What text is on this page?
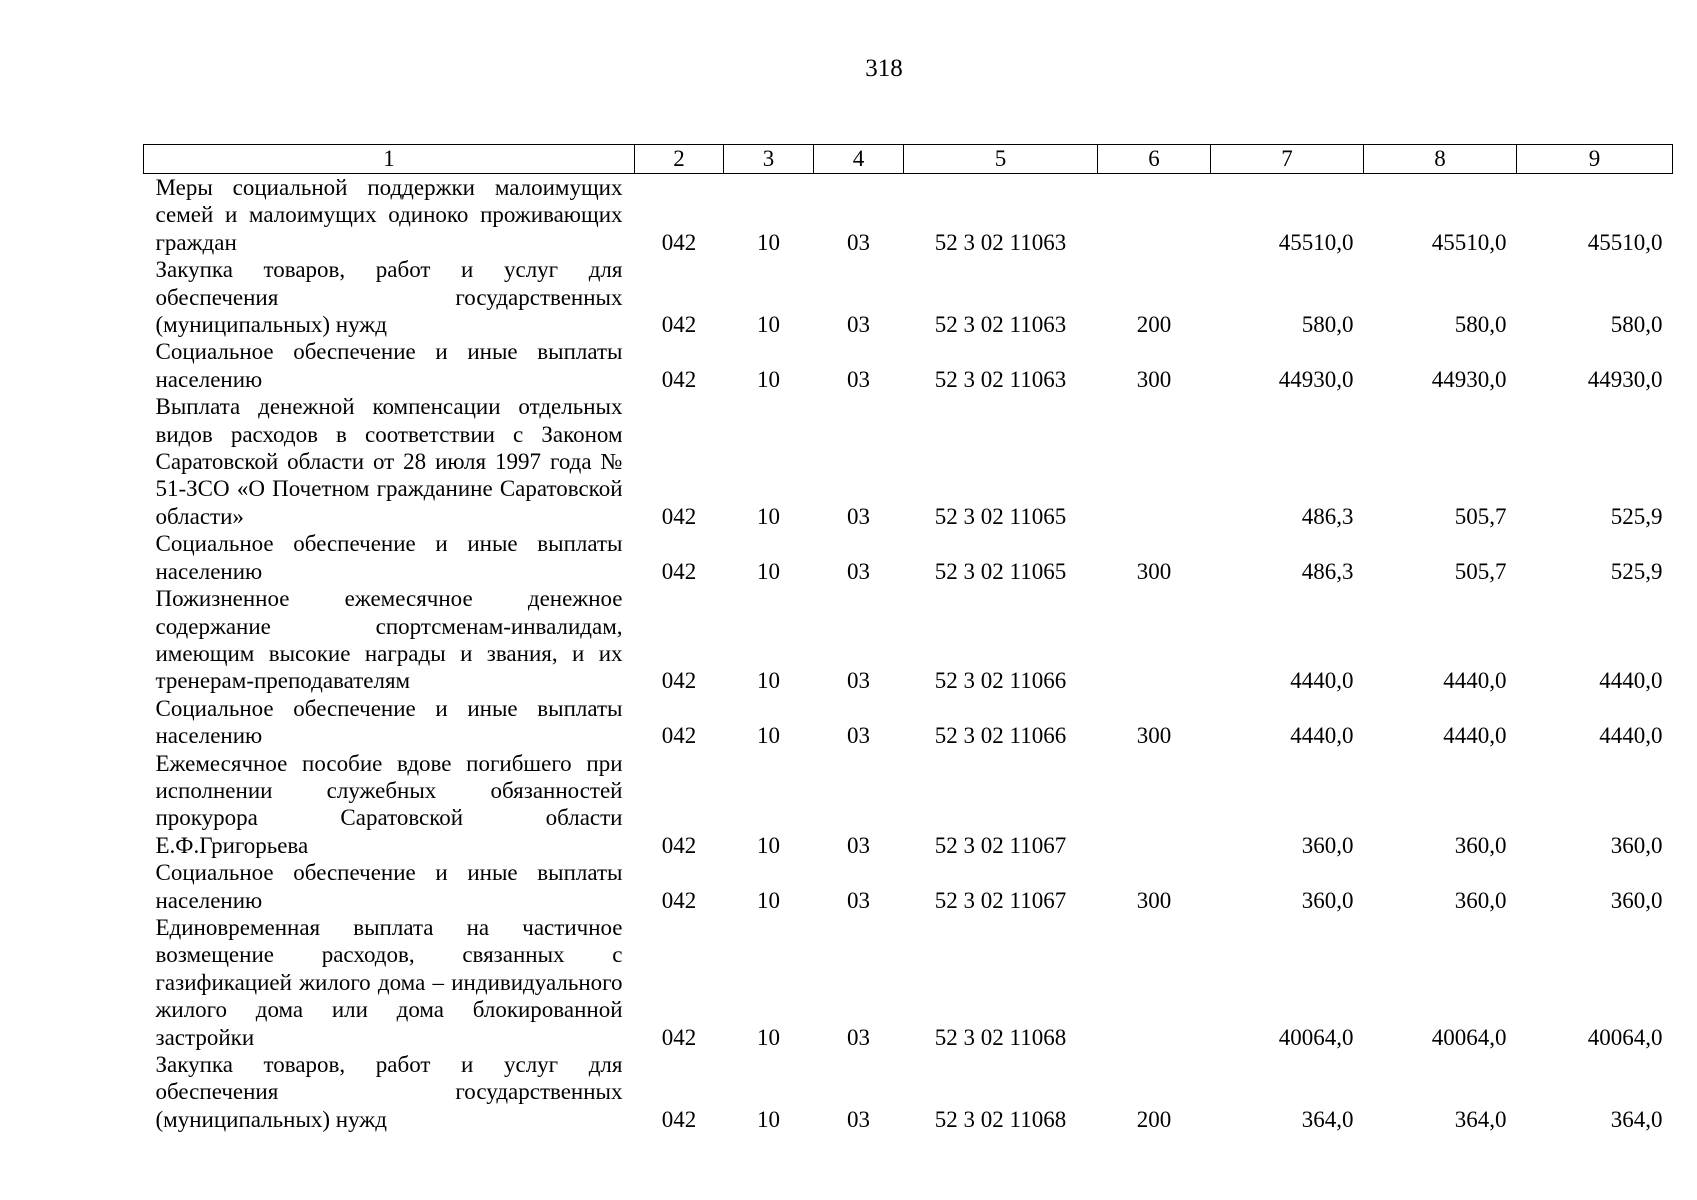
318
1	2	3	4	5	6	7	8	9
Меры социальной поддержки малоимущих семей и малоимущих одиноко проживающих граждан	042	10	03	52 3 02 11063		45510,0	45510,0	45510,0
Закупка товаров, работ и услуг для обеспечения государственных (муниципальных) нужд	042	10	03	52 3 02 11063	200	580,0	580,0	580,0
Социальное обеспечение и иные выплаты населению	042	10	03	52 3 02 11063	300	44930,0	44930,0	44930,0
Выплата денежной компенсации отдельных видов расходов в соответствии с Законом Саратовской области от 28 июля 1997 года № 51-ЗСО «О Почетном гражданине Саратовской области»	042	10	03	52 3 02 11065		486,3	505,7	525,9
Социальное обеспечение и иные выплаты населению	042	10	03	52 3 02 11065	300	486,3	505,7	525,9
Пожизненное ежемесячное денежное содержание спортсменам-инвалидам, имеющим высокие награды и звания, и их тренерам-преподавателям	042	10	03	52 3 02 11066		4440,0	4440,0	4440,0
Социальное обеспечение и иные выплаты населению	042	10	03	52 3 02 11066	300	4440,0	4440,0	4440,0
Ежемесячное пособие вдове погибшего при исполнении служебных обязанностей прокурора Саратовской области Е.Ф.Григорьева	042	10	03	52 3 02 11067		360,0	360,0	360,0
Социальное обеспечение и иные выплаты населению	042	10	03	52 3 02 11067	300	360,0	360,0	360,0
Единовременная выплата на частичное возмещение расходов, связанных с газификацией жилого дома – индивидуального жилого дома или дома блокированной застройки	042	10	03	52 3 02 11068		40064,0	40064,0	40064,0
Закупка товаров, работ и услуг для обеспечения государственных (муниципальных) нужд	042	10	03	52 3 02 11068	200	364,0	364,0	364,0
